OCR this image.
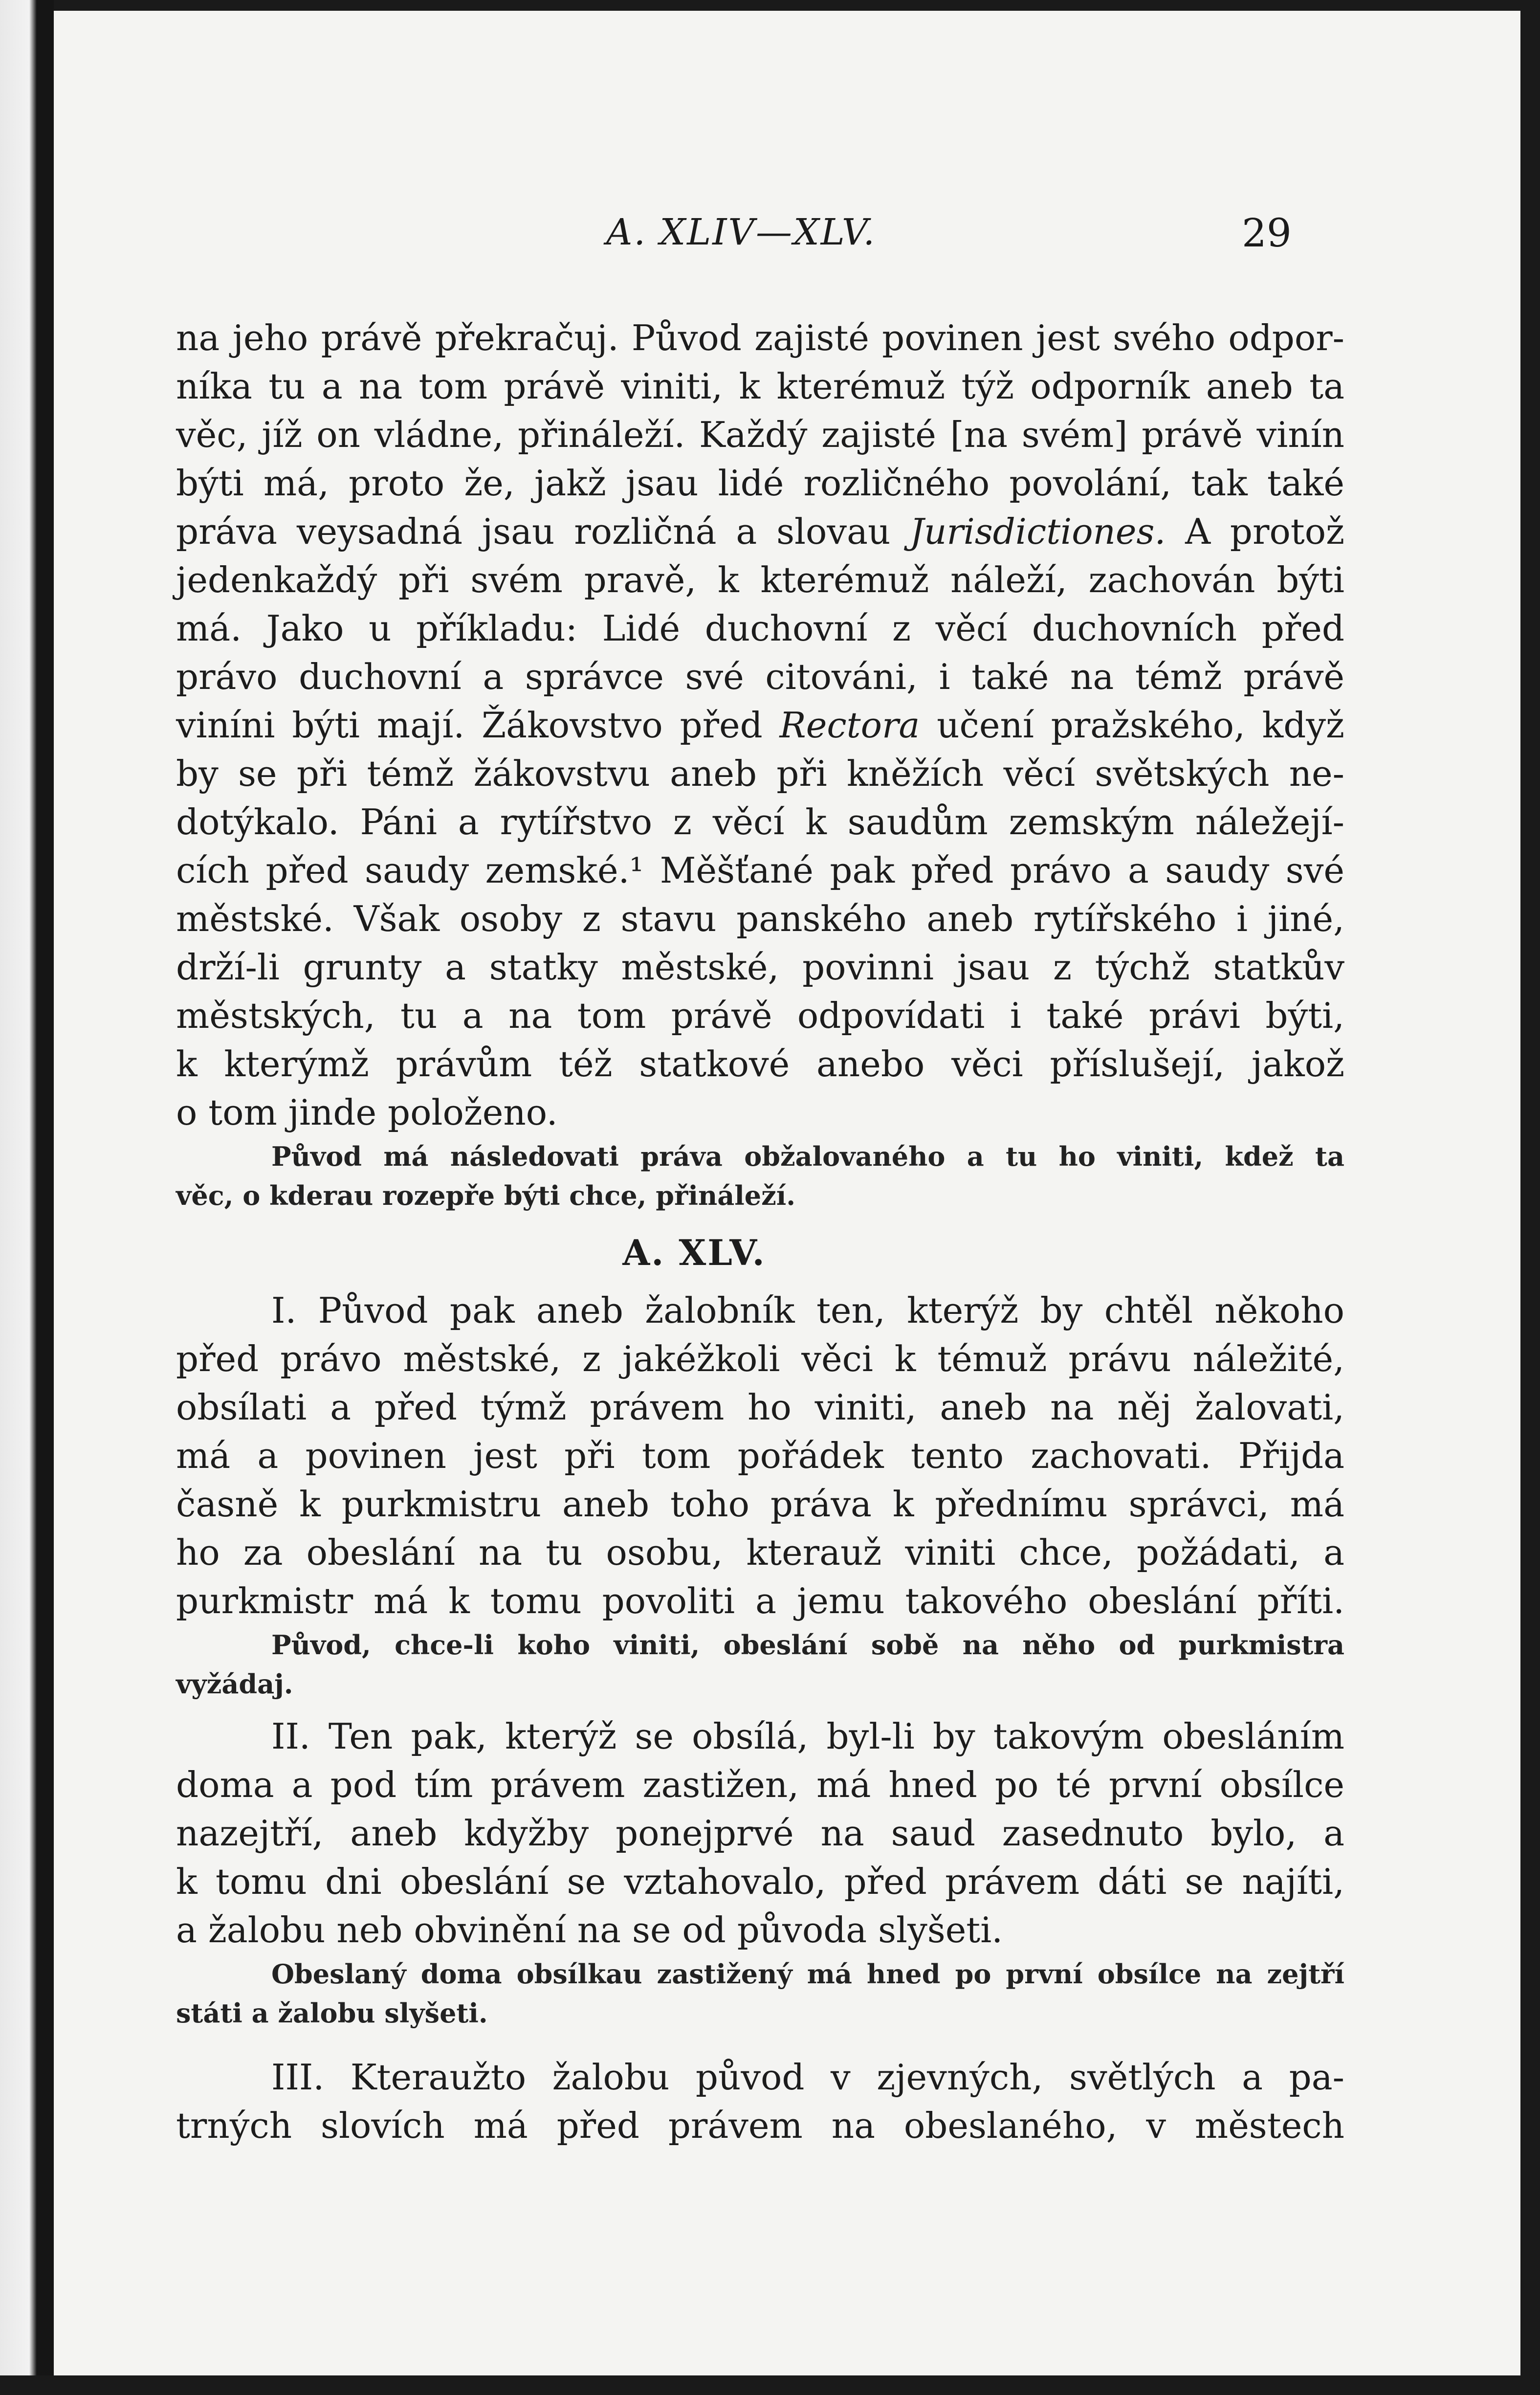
A. XLIV—XLV.	29
na jeho právě překračuj. Původ zajisté povinen jest svého odpor-
níka tu a na tom právě viniti, k kterémuž týž odporník aneb ta
věc, jíž on vládne, přináleží. Každý zajisté [na svém] právě vinín
býti má, proto že, jakž jsau lidé rozličného povolání, tak také
práva veysadná jsau rozličná a slovau Jurisdictiones. A protož
jedenkaždý při svém pravě, k kterémuž náleží, zachován býti
má. Jako u příkladu: Lidé duchovní z věcí duchovních před
právo duchovní a správce své citováni, i také na témž právě
viníni býti mají. Žákovstvo před Rectora učení pražského, když
by se při témž žákovstvu aneb při kněžích věcí světských ne-
dotýkalo. Páni a rytířstvo z věcí k saudům zemským náležejí-
cích před saudy zemské.¹ Měšťané pak před právo a saudy své
městské. Však osoby z stavu panského aneb rytířského i jiné,
drží-li grunty a statky městské, povinni jsau z týchž statkův
městských, tu a na tom právě odpovídati i také právi býti,
k kterýmž právům též statkové anebo věci příslušejí, jakož
o tom jinde položeno.
Původ má následovati práva obžalovaného a tu ho viniti, kdež ta
věc, o kderau rozepře býti chce, přináleží.
A. XLV.
I. Původ pak aneb žalobník ten, kterýž by chtěl někoho
před právo městské, z jakéžkoli věci k témuž právu náležité,
obsílati a před týmž právem ho viniti, aneb na něj žalovati,
má a povinen jest při tom pořádek tento zachovati. Přijda
časně k purkmistru aneb toho práva k přednímu správci, má
ho za obeslání na tu osobu, kterauž viniti chce, požádati, a
purkmistr má k tomu povoliti a jemu takového obeslání příti.
Původ, chce-li koho viniti, obeslání sobě na něho od purkmistra
vyžádaj.
II. Ten pak, kterýž se obsílá, byl-li by takovým obesláním
doma a pod tím právem zastižen, má hned po té první obsílce
nazejtří, aneb kdyžby ponejprvé na saud zasednuto bylo, a
k tomu dni obeslání se vztahovalo, před právem dáti se najíti,
a žalobu neb obvinění na se od původa slyšeti.
Obeslaný doma obsílkau zastižený má hned po první obsílce na zejtří
státi a žalobu slyšeti.
III. Kteraužto žalobu původ v zjevných, světlých a pa-
trných slovích má před právem na obeslaného, v městech
